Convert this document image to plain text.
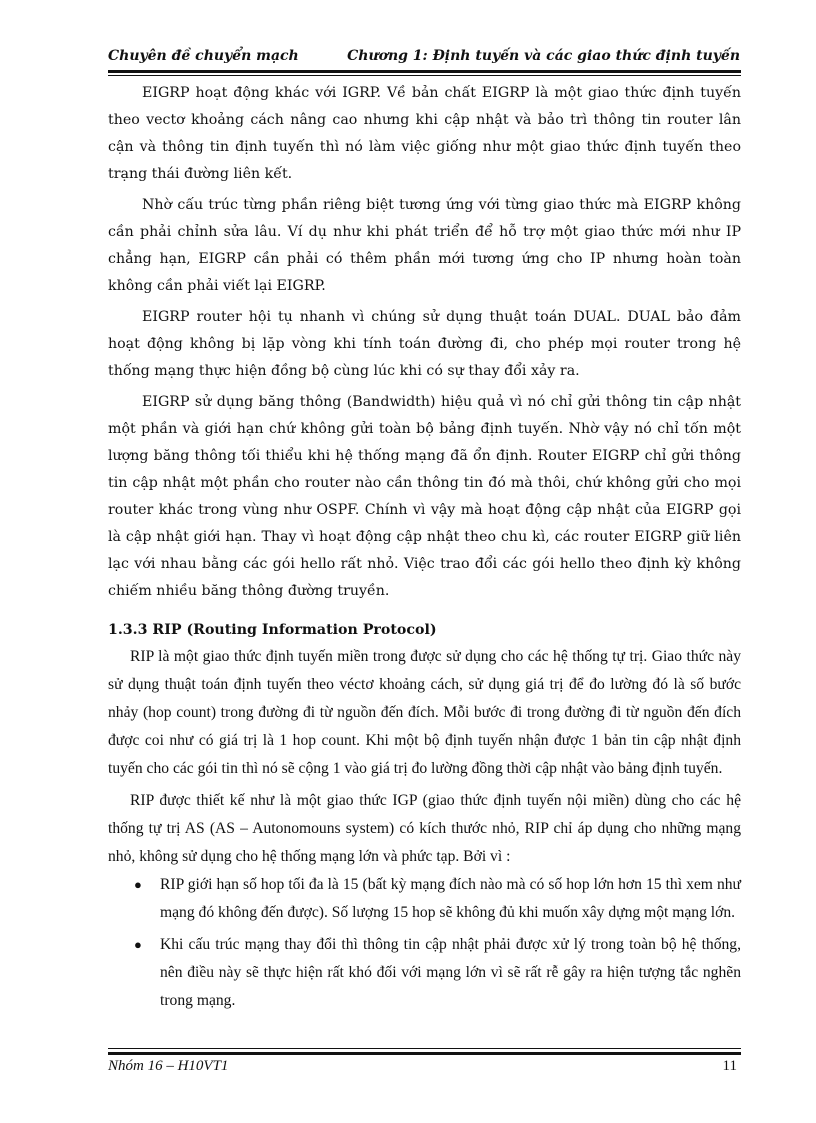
Chuyên đề chuyển mạch	Chương 1: Định tuyến và các giao thức định tuyến

EIGRP hoạt động khác với IGRP. Về bản chất EIGRP là một giao thức định tuyến theo vectơ khoảng cách nâng cao nhưng khi cập nhật và bảo trì thông tin router lân cận và thông tin định tuyến thì nó làm việc giống như một giao thức định tuyến theo trạng thái đường liên kết.

Nhờ cấu trúc từng phần riêng biệt tương ứng với từng giao thức mà EIGRP không cần phải chỉnh sửa lâu. Ví dụ như khi phát triển để hỗ trợ một giao thức mới như IP chẳng hạn, EIGRP cần phải có thêm phần mới tương ứng cho IP nhưng hoàn toàn không cần phải viết lại EIGRP.

EIGRP router hội tụ nhanh vì chúng sử dụng thuật toán DUAL. DUAL bảo đảm hoạt động không bị lặp vòng khi tính toán đường đi, cho phép mọi router trong hệ thống mạng thực hiện đồng bộ cùng lúc khi có sự thay đổi xảy ra.

EIGRP sử dụng băng thông (Bandwidth) hiệu quả vì nó chỉ gửi thông tin cập nhật một phần và giới hạn chứ không gửi toàn bộ bảng định tuyến. Nhờ vậy nó chỉ tốn một lượng băng thông tối thiểu khi hệ thống mạng đã ổn định. Router EIGRP chỉ gửi thông tin cập nhật một phần cho router nào cần thông tin đó mà thôi, chứ không gửi cho mọi router khác trong vùng như OSPF. Chính vì vậy mà hoạt động cập nhật của EIGRP gọi là cập nhật giới hạn. Thay vì hoạt động cập nhật theo chu kì, các router EIGRP giữ liên lạc với nhau bằng các gói hello rất nhỏ. Việc trao đổi các gói hello theo định kỳ không chiếm nhiều băng thông đường truyền.

1.3.3 RIP (Routing Information Protocol)

RIP là một giao thức định tuyến miền trong được sử dụng cho các hệ thống tự trị. Giao thức này sử dụng thuật toán định tuyến theo véctơ khoảng cách, sử dụng giá trị để đo lường đó là số bước nhảy (hop count) trong đường đi từ nguồn đến đích. Mỗi bước đi trong đường đi từ nguồn đến đích được coi như có giá trị là 1 hop count. Khi một bộ định tuyến nhận được 1 bản tin cập nhật định tuyến cho các gói tin thì nó sẽ cộng 1 vào giá trị đo lường đồng thời cập nhật vào bảng định tuyến.

RIP được thiết kế như là một giao thức IGP (giao thức định tuyến nội miền) dùng cho các hệ thống tự trị AS (AS – Autonomouns system) có kích thước nhỏ, RIP chỉ áp dụng cho những mạng nhỏ, không sử dụng cho hệ thống mạng lớn và phức tạp. Bởi vì :

● RIP giới hạn số hop tối đa là 15 (bất kỳ mạng đích nào mà có số hop lớn hơn 15 thì xem như mạng đó không đến được). Số lượng 15 hop sẽ không đủ khi muốn xây dựng một mạng lớn.
● Khi cấu trúc mạng thay đổi thì thông tin cập nhật phải được xử lý trong toàn bộ hệ thống, nên điều này sẽ thực hiện rất khó đối với mạng lớn vì sẽ rất rễ gây ra hiện tượng tắc nghẽn trong mạng.
Nhóm 16 – H10VT1	11
